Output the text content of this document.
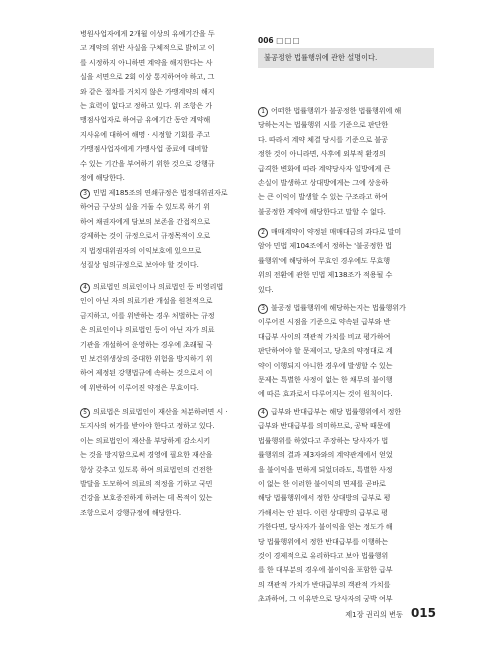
병원사업자에게 2개월 이상의 유예기간을 두
고 계약의 위반 사실을 구체적으로 밝히고 이
를 시정하지 아니하면 계약을 해지한다는 사
실을 서면으로 2회 이상 통지하여야 하고, 그
와 같은 절차를 거치지 않은 가맹계약의 해지
는 효력이 없다고 정하고 있다. 위 조항은 가
맹점사업자로 하여금 유예기간 동안 계약해
지사유에 대하여 해명 · 시정할 기회를 주고
가맹점사업자에게 가맹사업 종료에 대비할
수 있는 기간을 부여하기 위한 것으로 강행규
정에 해당한다.
3 민법 제185조의 연쇄규정은 법정대위권자로
하여금 구상의 실을 거둘 수 있도록 하기 위
하여 채권자에게 담보의 보존을 간접적으로
강제하는 것이 규정으로서 규정목적이 오로
지 법정대위권자의 이익보호에 있으므로
성질상 임의규정으로 보아야 할 것이다.
4 의료법인 의료인이나 의료법인 등 비영리법
인이 아닌 자의 의료기관 개설을 원천적으로
금지하고, 이를 위반하는 경우 처벌하는 규정
은 의료인이나 의료법인 등이 아닌 자가 의료
기관을 개설하여 운영하는 경우에 초래될 국
민 보건위생상의 중대한 위험을 방지하기 위
하여 제정된 강행법규에 속하는 것으로서 이
에 위반하여 이루어진 약정은 무효이다.
5 의료법은 의료법인이 재산을 처분하려면 시 ·
도지사의 허가를 받아야 한다고 정하고 있다.
이는 의료법인이 재산을 부당하게 감소시키
는 것을 방지함으로써 경영에 필요한 재산을
항상 갖추고 있도록 하여 의료법인의 건전한
발달을 도모하여 의료의 적정을 기하고 국민
건강을 보호증진하게 하려는 데 목적이 있는
조항으로서 강행규정에 해당한다.
006 □□□
불공정한 법률행위에 관한 설명이다.
1 어떠한 법률행위가 불공정한 법률행위에 해
당하는지는 법률행위 시를 기준으로 판단한
다. 따라서 계약 체결 당시를 기준으로 불공
정한 것이 아니라면, 사후에 외부적 환경의
급격한 변화에 따라 계약당사자 일방에게 큰
손실이 발생하고 상대방에게는 그에 상응하
는 큰 이익이 발생할 수 있는 구조라고 하여
불공정한 계약에 해당한다고 말할 수 없다.
2 매매계약이 약정된 매매대금의 과다로 말미
암아 민법 제104조에서 정하는 '불공정한 법
률행위'에 해당하여 무효인 경우에도 무효행
위의 전환에 관한 민법 제138조가 적용될 수
있다.
3 불공정 법률행위에 해당하는지는 법률행위가
이루어진 시점을 기준으로 약속된 급부와 반
대급부 사이의 객관적 가치를 비교 평가하여
판단하여야 할 문제이고, 당초의 약정대로 계
약이 이행되지 아니한 경우에 발생할 수 있는
문제는 특별한 사정이 없는 한 채무의 불이행
에 따른 효과로서 다루어지는 것이 원칙이다.
4 급부와 반대급부는 해당 법률행위에서 정한
급부와 반대급부를 의미하므로, 공탁 때문에
법률행위를 하였다고 주장하는 당사자가 법
률행위의 결과 제3자와의 계약관계에서 얻었
을 불이익을 면하게 되었더라도, 특별한 사정
이 없는 한 이러한 불이익의 면제를 곧바로
해당 법률행위에서 정한 상대방의 급부로 평
가해서는 안 된다. 이런 상대방의 급부로 평
가한다면, 당사자가 불이익을 얻는 정도가 해
당 법률행위에서 정한 반대급부를 이행하는
것이 경제적으로 유리하다고 보아 법률행위
를 한 대부분의 경우에 불이익을 포함한 급부
의 객관적 가치가 반대급부의 객관적 가치를
초과하여, 그 이유만으로 당사자의 궁박 여부
제1장 권리의 변동 015
